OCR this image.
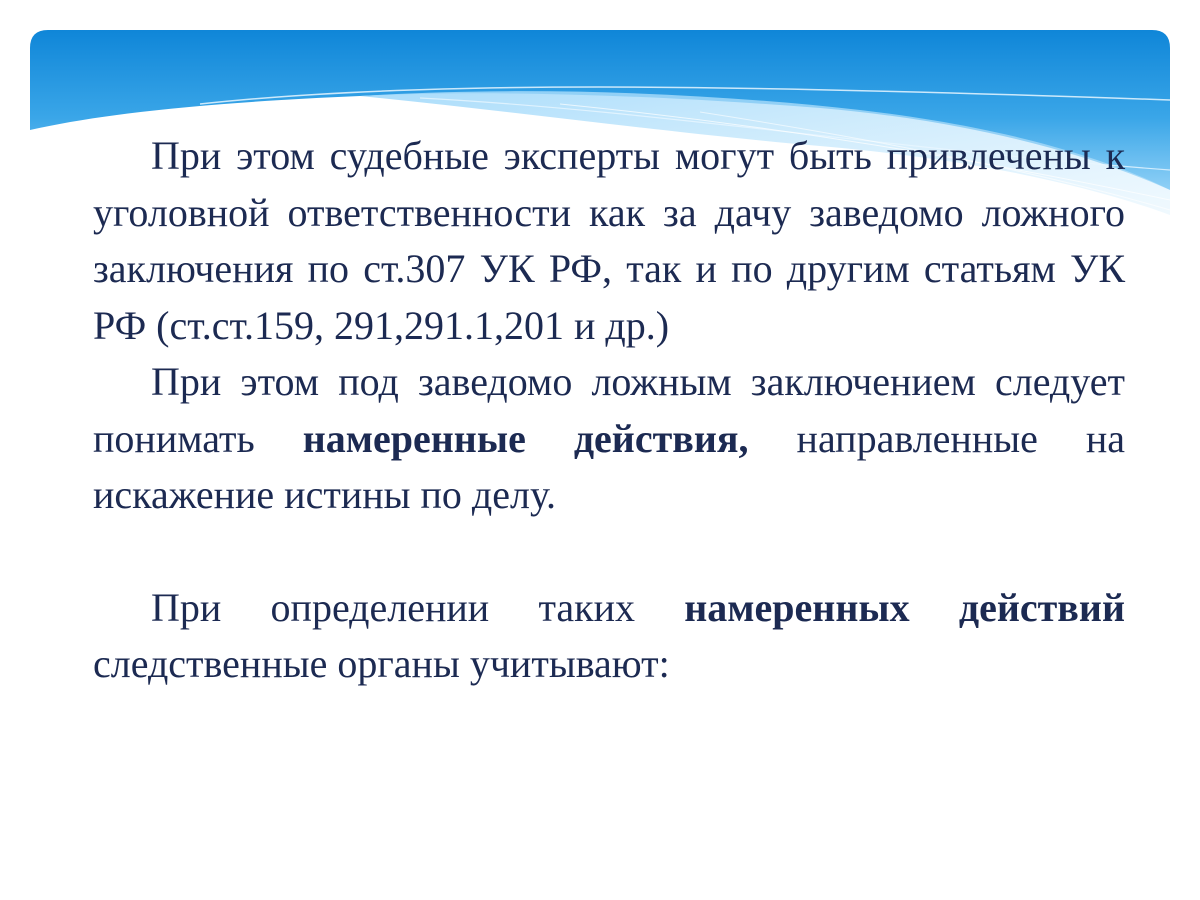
При этом судебные эксперты могут быть привлечены к уголовной ответственности как за дачу заведомо ложного заключения по ст.307 УК РФ, так и по другим статьям УК РФ (ст.ст.159, 291,291.1,201 и др.)

При этом под заведомо ложным заключением следует понимать намеренные действия, направленные на искажение истины по делу.

При определении таких намеренных действий следственные органы учитывают:
